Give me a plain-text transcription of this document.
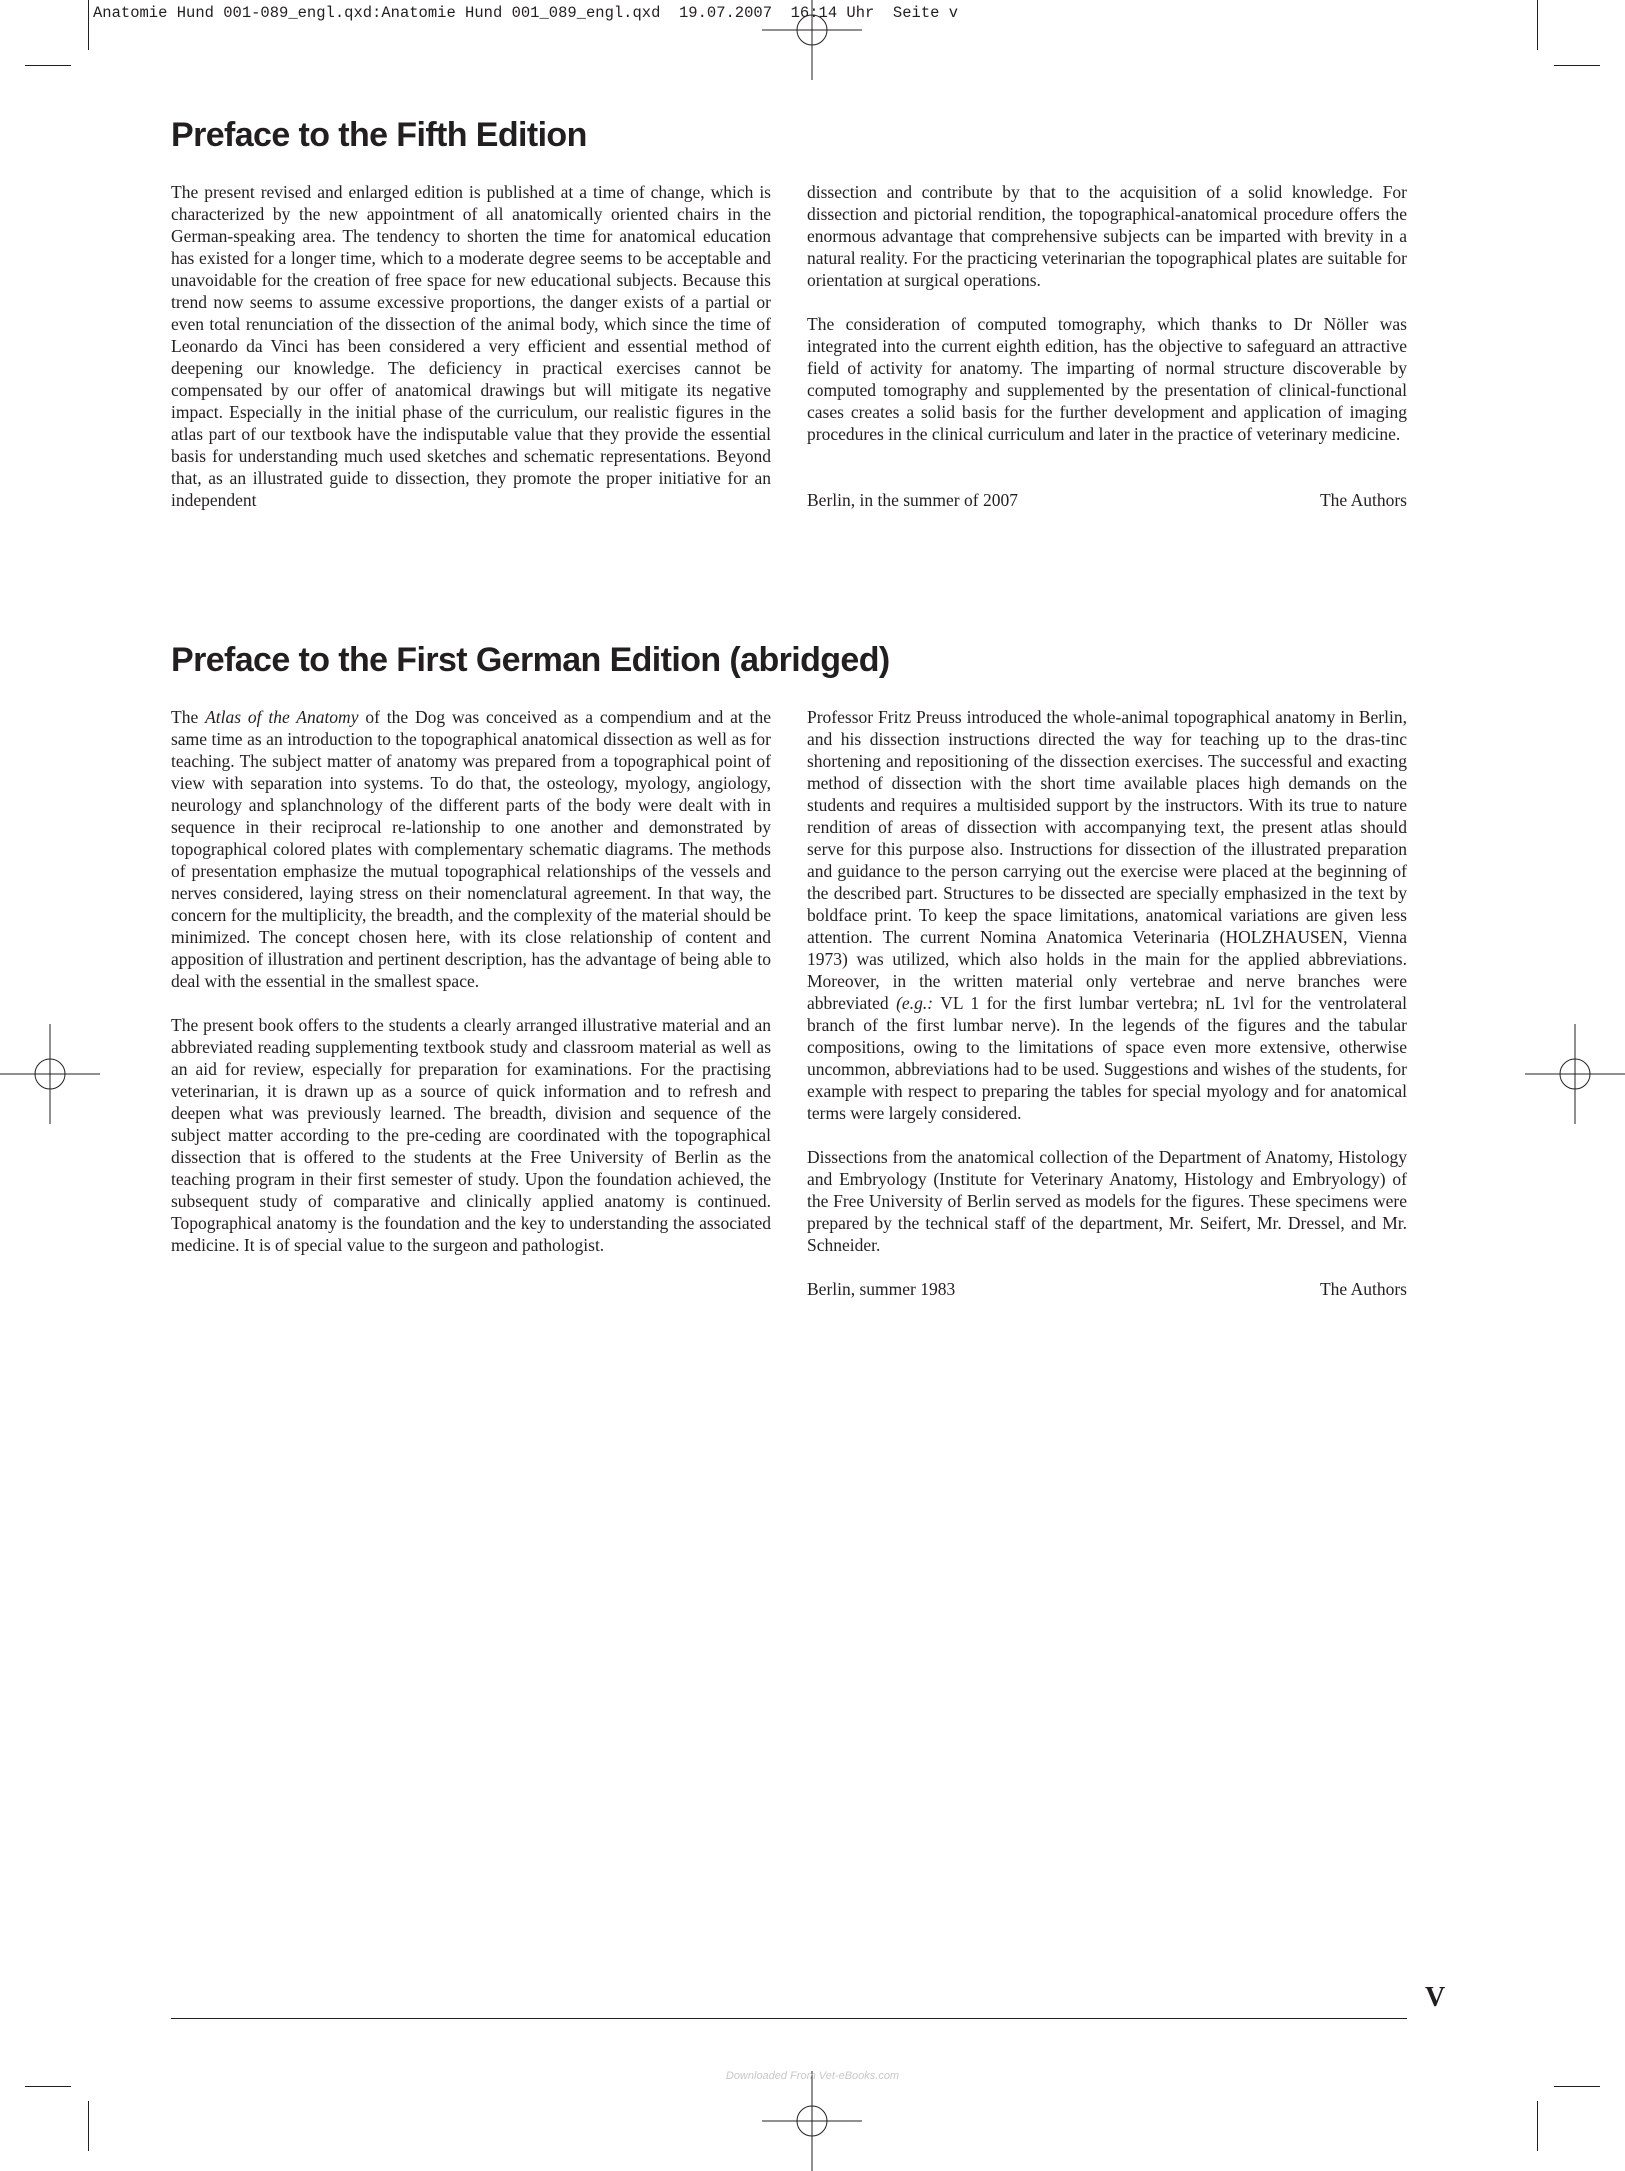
Anatomie Hund 001-089_engl.qxd:Anatomie Hund 001_089_engl.qxd  19.07.2007  16:14 Uhr  Seite v

Preface to the Fifth Edition

The present revised and enlarged edition is published at a time of change, which is characterized by the new appointment of all anatomically oriented chairs in the German-speaking area. The tendency to shorten the time for anatomical education has existed for a longer time, which to a moderate degree seems to be acceptable and unavoidable for the creation of free space for new educational subjects. Because this trend now seems to assume excessive proportions, the danger exists of a partial or even total renunciation of the dissection of the animal body, which since the time of Leonardo da Vinci has been considered a very efficient and essential method of deepening our knowledge. The deficiency in practical exercises cannot be compensated by our offer of anatomical drawings but will mitigate its negative impact. Especially in the initial phase of the curriculum, our realistic figures in the atlas part of our textbook have the indisputable value that they provide the essential basis for understanding much used sketches and schematic representations. Beyond that, as an illustrated guide to dissection, they promote the proper initiative for an independent

dissection and contribute by that to the acquisition of a solid knowledge. For dissection and pictorial rendition, the topographical-anatomical procedure offers the enormous advantage that comprehensive subjects can be imparted with brevity in a natural reality. For the practicing veterinarian the topographical plates are suitable for orientation at surgical operations.

The consideration of computed tomography, which thanks to Dr Nöller was integrated into the current eighth edition, has the objective to safeguard an attractive field of activity for anatomy. The imparting of normal structure discoverable by computed tomography and supplemented by the presentation of clinical-functional cases creates a solid basis for the further development and application of imaging procedures in the clinical curriculum and later in the practice of veterinary medicine.

Berlin, in the summer of 2007	The Authors
Preface to the First German Edition (abridged)

The Atlas of the Anatomy of the Dog was conceived as a compendium and at the same time as an introduction to the topographical anatomical dissection as well as for teaching. The subject matter of anatomy was prepared from a topographical point of view with separation into systems. To do that, the osteology, myology, angiology, neurology and splanchnology of the different parts of the body were dealt with in sequence in their reciprocal re-lationship to one another and demonstrated by topographical colored plates with complementary schematic diagrams. The methods of presentation emphasize the mutual topographical relationships of the vessels and nerves considered, laying stress on their nomenclatural agreement. In that way, the concern for the multiplicity, the breadth, and the complexity of the material should be minimized. The concept chosen here, with its close relationship of content and apposition of illustration and pertinent description, has the advantage of being able to deal with the essential in the smallest space.

The present book offers to the students a clearly arranged illustrative material and an abbreviated reading supplementing textbook study and classroom material as well as an aid for review, especially for preparation for examinations. For the practising veterinarian, it is drawn up as a source of quick information and to refresh and deepen what was previously learned. The breadth, division and sequence of the subject matter according to the pre-ceding are coordinated with the topographical dissection that is offered to the students at the Free University of Berlin as the teaching program in their first semester of study. Upon the foundation achieved, the subsequent study of comparative and clinically applied anatomy is continued. Topographical anatomy is the foundation and the key to understanding the associated medicine. It is of special value to the surgeon and pathologist.

Professor Fritz Preuss introduced the whole-animal topographical anatomy in Berlin, and his dissection instructions directed the way for teaching up to the dras-tinc shortening and repositioning of the dissection exercises. The successful and exacting method of dissection with the short time available places high demands on the students and requires a multisided support by the instructors. With its true to nature rendition of areas of dissection with accompanying text, the present atlas should serve for this purpose also. Instructions for dissection of the illustrated preparation and guidance to the person carrying out the exercise were placed at the beginning of the described part. Structures to be dissected are specially emphasized in the text by boldface print. To keep the space limitations, anatomical variations are given less attention. The current Nomina Anatomica Veterinaria (HOLZHAUSEN, Vienna 1973) was utilized, which also holds in the main for the applied abbreviations. Moreover, in the written material only vertebrae and nerve branches were abbreviated (e.g.: VL 1 for the first lumbar vertebra; nL 1vl for the ventrolateral branch of the first lumbar nerve). In the legends of the figures and the tabular compositions, owing to the limitations of space even more extensive, otherwise uncommon, abbreviations had to be used. Suggestions and wishes of the students, for example with respect to preparing the tables for special myology and for anatomical terms were largely considered.

Dissections from the anatomical collection of the Department of Anatomy, Histology and Embryology (Institute for Veterinary Anatomy, Histology and Embryology) of the Free University of Berlin served as models for the figures. These specimens were prepared by the technical staff of the department, Mr. Seifert, Mr. Dressel, and Mr. Schneider.

Berlin, summer 1983	The Authors

V

Downloaded From Vet-eBooks.com
